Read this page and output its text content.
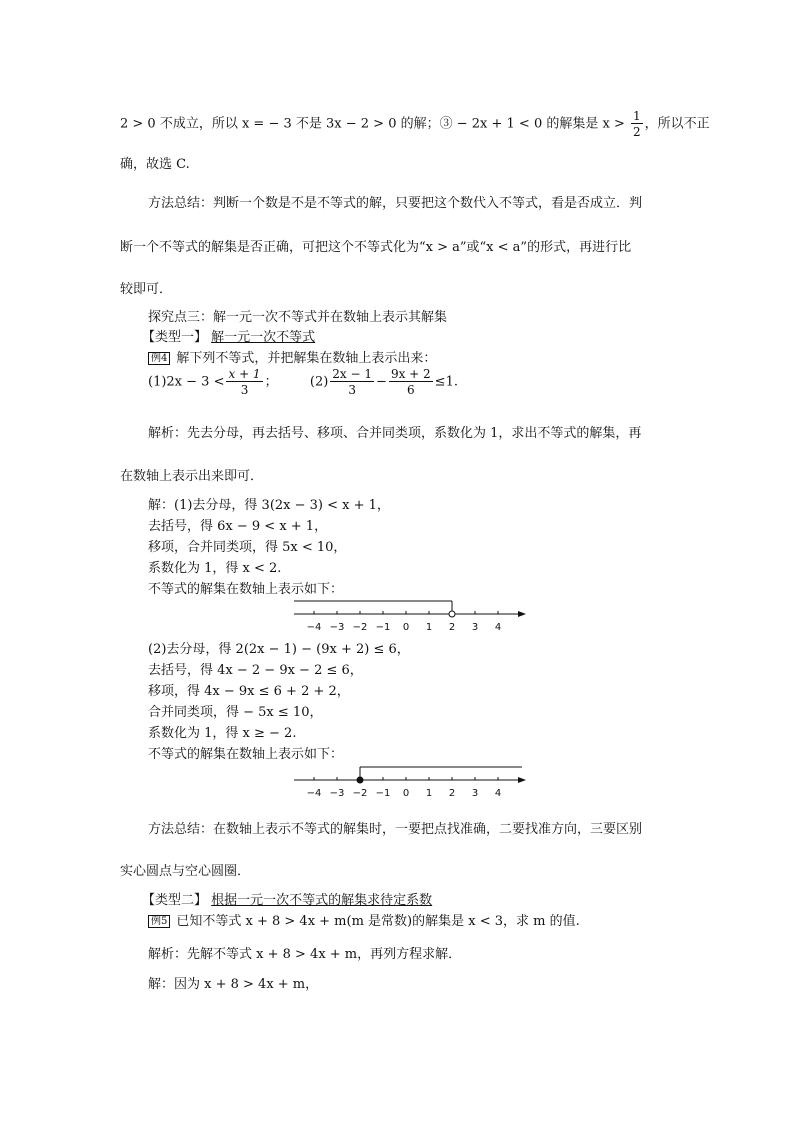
2 > 0 不成立，所以 x = − 3 不是 3x − 2 > 0 的解；③ − 2x + 1 < 0 的解集是 $x > \frac{1}{2}$ ，所以不正
确，故选 C.
方法总结：判断一个数是不是不等式的解，只要把这个数代入不等式，看是否成立．判
断一个不等式的解集是否正确，可把这个不等式化为“x > a”或“x < a”的形式，再进行比
较即可．
探究点三：解一元一次不等式并在数轴上表示其解集
【类型一】 解一元一次不等式
例4 解下列不等式，并把解集在数轴上表示出来：
$(1)2x - 3 < \frac{x + 1}{3}$ ； $(2) \frac{2x - 1}{3} - \frac{9x + 2}{6} \le 1$.
解析：先去分母，再去括号、移项、合并同类项，系数化为 1，求出不等式的解集，再
在数轴上表示出来即可．
解：(1)去分母，得 3(2x − 3) < x + 1，
去括号，得 6x − 9 < x + 1，
移项，合并同类项，得 5x < 10，
系数化为 1，得 x < 2.
不等式的解集在数轴上表示如下：
−4 −3 −2 −1 0 1 2 3 4
(2)去分母，得 2(2x − 1) − (9x + 2) ≤ 6，
去括号，得 4x − 2 − 9x − 2 ≤ 6，
移项，得 4x − 9x ≤ 6 + 2 + 2，
合并同类项，得 − 5x ≤ 10，
系数化为 1，得 x ≥ − 2.
不等式的解集在数轴上表示如下：
−4 −3 −2 −1 0 1 2 3 4
方法总结：在数轴上表示不等式的解集时，一要把点找准确，二要找准方向，三要区别
实心圆点与空心圆圈．
【类型二】 根据一元一次不等式的解集求待定系数
例5 已知不等式 x + 8 > 4x + m(m 是常数)的解集是 x < 3，求 m 的值.
解析：先解不等式 x + 8 > 4x + m，再列方程求解．
解：因为 x + 8 > 4x + m，
